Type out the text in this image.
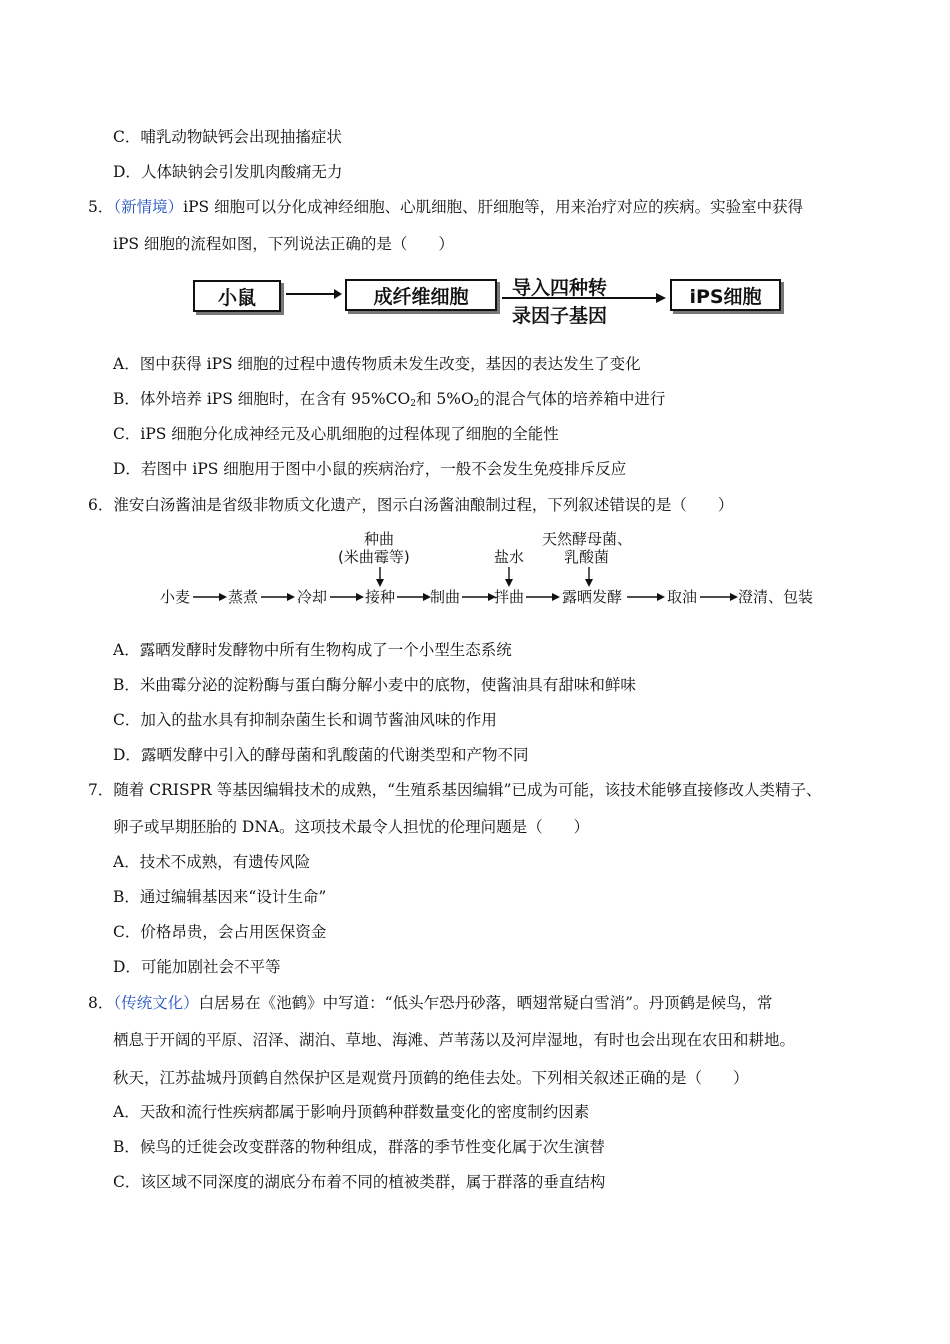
C．哺乳动物缺钙会出现抽搐症状
D．人体缺钠会引发肌肉酸痛无力
5．（新情境）iPS 细胞可以分化成神经细胞、心肌细胞、肝细胞等，用来治疗对应的疾病。实验室中获得
iPS 细胞的流程如图，下列说法正确的是（　　）
小鼠	成纤维细胞 导入四种转
录因子基因
iPS细胞
A．图中获得 iPS 细胞的过程中遗传物质未发生改变，基因的表达发生了变化
B．体外培养 iPS 细胞时，在含有 $95\%CO_2$和 $5\%O_2$的混合气体的培养箱中进行
C．iPS 细胞分化成神经元及心肌细胞的过程体现了细胞的全能性
D．若图中 iPS 细胞用于图中小鼠的疾病治疗，一般不会发生免疫排斥反应
6．淮安白汤酱油是省级非物质文化遗产，图示白汤酱油酿制过程，下列叙述错误的是（　　）
种曲
(米曲霉等)	盐水
天然酵母菌、
乳酸菌
小麦	蒸煮	冷却	接种 制曲 拌曲	露晒发酵	取油	澄清、包装
A．露晒发酵时发酵物中所有生物构成了一个小型生态系统
B．米曲霉分泌的淀粉酶与蛋白酶分解小麦中的底物，使酱油具有甜味和鲜味
C．加入的盐水具有抑制杂菌生长和调节酱油风味的作用
D．露晒发酵中引入的酵母菌和乳酸菌的代谢类型和产物不同
7．随着 CRISPR 等基因编辑技术的成熟，“生殖系基因编辑”已成为可能，该技术能够直接修改人类精子、
卵子或早期胚胎的 DNA。这项技术最令人担忧的伦理问题是（　　）
A．技术不成熟，有遗传风险
B．通过编辑基因来“设计生命”
C．价格昂贵，会占用医保资金
D．可能加剧社会不平等
8．（传统文化）白居易在《池鹤》中写道：“低头乍恐丹砂落，晒翅常疑白雪消”。丹顶鹤是候鸟，常
栖息于开阔的平原、沼泽、湖泊、草地、海滩、芦苇荡以及河岸湿地，有时也会出现在农田和耕地。
秋天，江苏盐城丹顶鹤自然保护区是观赏丹顶鹤的绝佳去处。下列相关叙述正确的是（　　）
A．天敌和流行性疾病都属于影响丹顶鹤种群数量变化的密度制约因素
B．候鸟的迁徙会改变群落的物种组成，群落的季节性变化属于次生演替
C．该区域不同深度的湖底分布着不同的植被类群，属于群落的垂直结构
